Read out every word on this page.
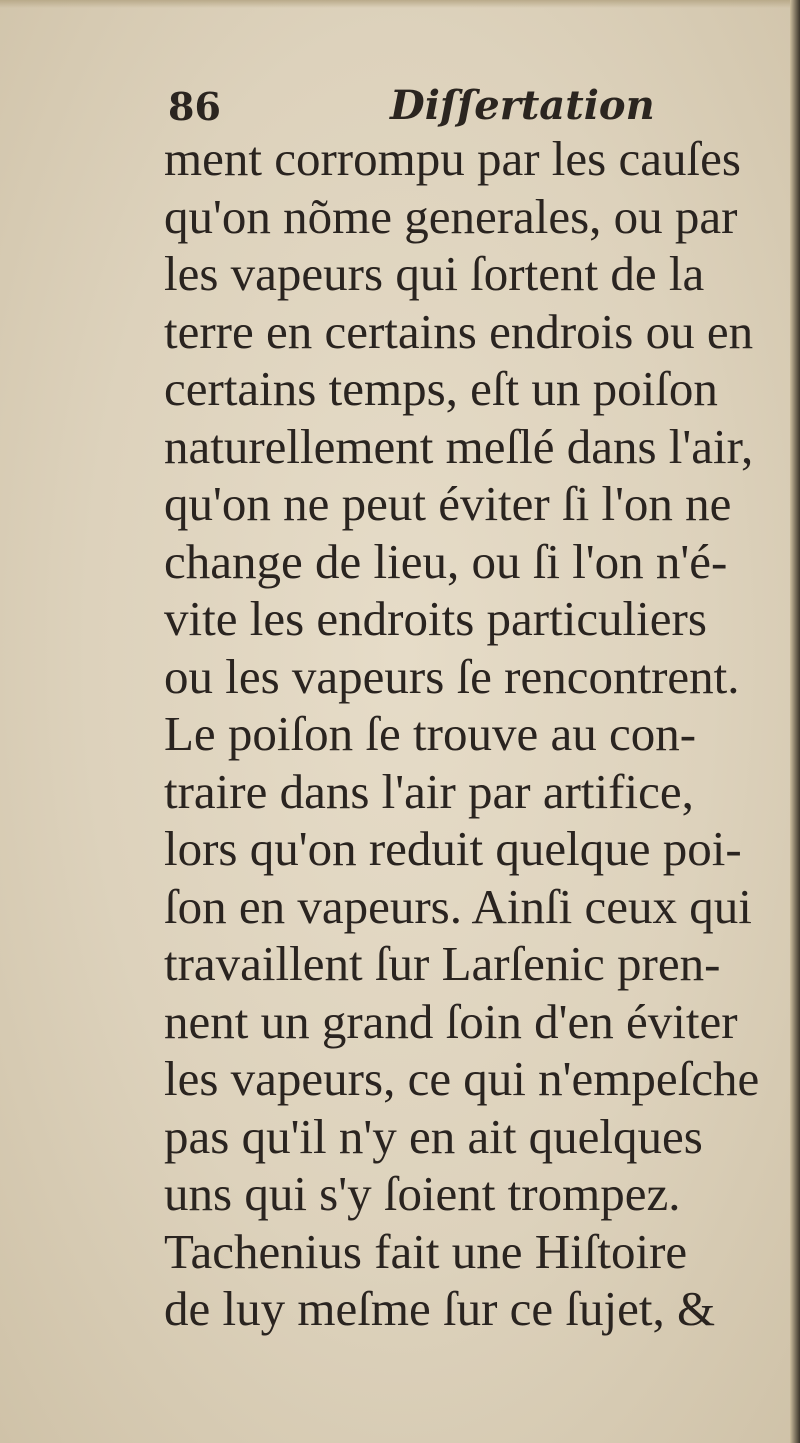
86	Diſſertation
ment corrompu par les cauſes
qu'on nõme generales, ou par
les vapeurs qui ſortent de la
terre en certains endrois ou en
certains temps, eſt un poiſon
naturellement meſlé dans l'air,
qu'on ne peut éviter ſi l'on ne
change de lieu, ou ſi l'on n'é-
vite les endroits particuliers
ou les vapeurs ſe rencontrent.
Le poiſon ſe trouve au con-
traire dans l'air par artifice,
lors qu'on reduit quelque poi-
ſon en vapeurs. Ainſi ceux qui
travaillent ſur Larſenic pren-
nent un grand ſoin d'en éviter
les vapeurs, ce qui n'empeſche
pas qu'il n'y en ait quelques
uns qui s'y ſoient trompez.
Tachenius fait une Hiſtoire
de luy meſme ſur ce ſujet, &
